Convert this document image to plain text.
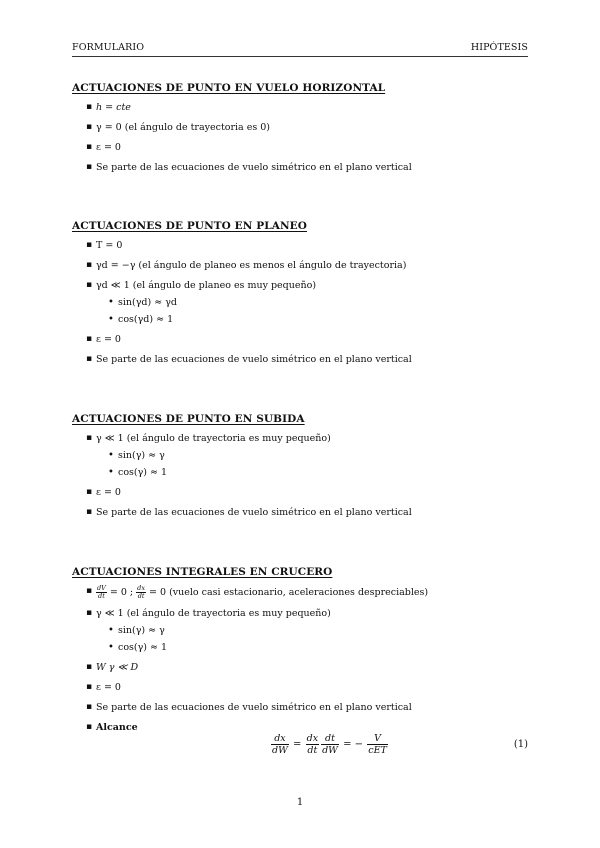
FORMULARIO	HIPÓTESIS
ACTUACIONES DE PUNTO EN VUELO HORIZONTAL
▪ h = cte
▪ γ = 0 (el ángulo de trayectoria es 0)
▪ ε = 0
▪ Se parte de las ecuaciones de vuelo simétrico en el plano vertical
ACTUACIONES DE PUNTO EN PLANEO
▪ T = 0
▪ γd = −γ (el ángulo de planeo es menos el ángulo de trayectoria)
▪ γd ≪ 1 (el ángulo de planeo es muy pequeño)
• sin(γd) ≈ γd
• cos(γd) ≈ 1
▪ ε = 0
▪ Se parte de las ecuaciones de vuelo simétrico en el plano vertical
ACTUACIONES DE PUNTO EN SUBIDA
▪ γ ≪ 1 (el ángulo de trayectoria es muy pequeño)
• sin(γ) ≈ γ
• cos(γ) ≈ 1
▪ ε = 0
▪ Se parte de las ecuaciones de vuelo simétrico en el plano vertical
ACTUACIONES INTEGRALES EN CRUCERO
▪ $\frac{dV}{dt} = 0$ ; $\frac{dx}{dt} = 0$ (vuelo casi estacionario, aceleraciones despreciables)
▪ γ ≪ 1 (el ángulo de trayectoria es muy pequeño)
• sin(γ) ≈ γ
• cos(γ) ≈ 1
▪ W γ ≪ D
▪ ε = 0
▪ Se parte de las ecuaciones de vuelo simétrico en el plano vertical
▪ Alcance
$\frac{dx}{dW} = \frac{dx}{dt} \frac{dt}{dW}$ = − $\frac{V}{\text{cET}}$	(1)
1
